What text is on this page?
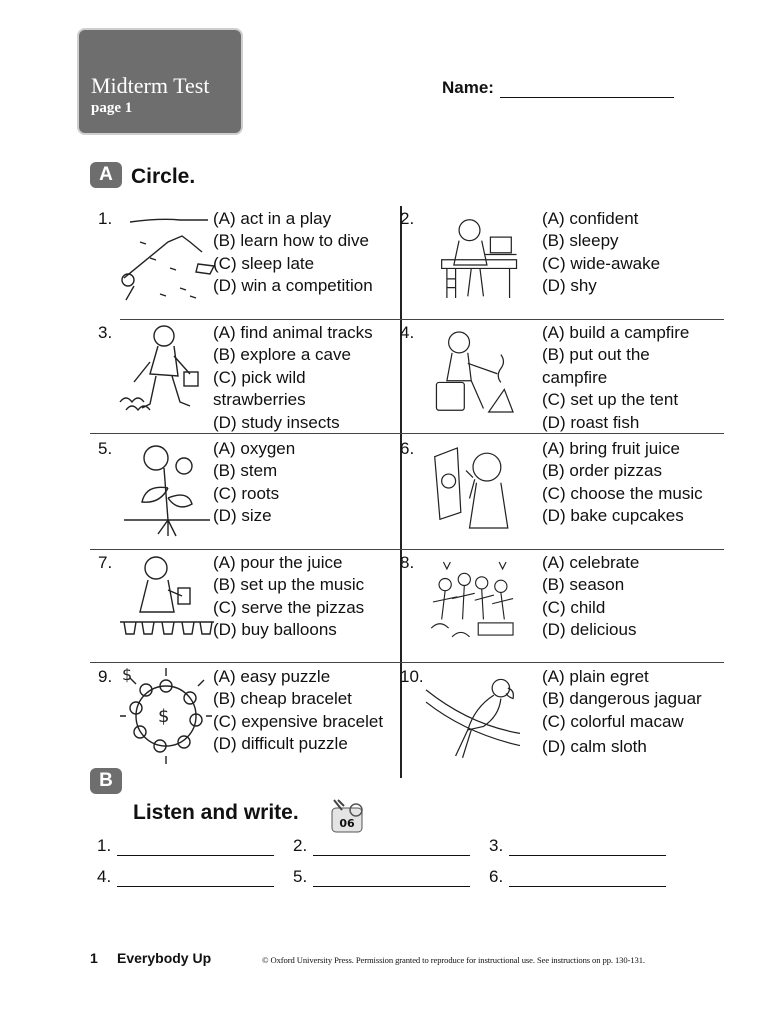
Midterm Test
page 1
Name:
A Circle.
1.	(A) act in a play
(B) learn how to dive
(C) sleep late
(D) win a competition
2.	(A) confident
(B) sleepy
(C) wide-awake
(D) shy
3.	(A) find animal tracks
(B) explore a cave
(C) pick wild strawberries
(D) study insects
4.	(A) build a campfire
(B) put out the campfire
(C) set up the tent
(D) roast fish
5.	(A) oxygen
(B) stem
(C) roots
(D) size
6.	(A) bring fruit juice
(B) order pizzas
(C) choose the music
(D) bake cupcakes
7.	(A) pour the juice
(B) set up the music
(C) serve the pizzas
(D) buy balloons
8.	(A) celebrate
(B) season
(C) child
(D) delicious
9.
$
$	(A) easy puzzle
(B) cheap bracelet
(C) expensive bracelet
(D) difficult puzzle
10.	(A) plain egret
(B) dangerous jaguar
(C) colorful macaw
(D) calm sloth
B
Listen and write.	06
1.	2.	3.
4.	5.	6.
1 Everybody Up	© Oxford University Press. Permission granted to reproduce for instructional use. See instructions on pp. 130-131.
